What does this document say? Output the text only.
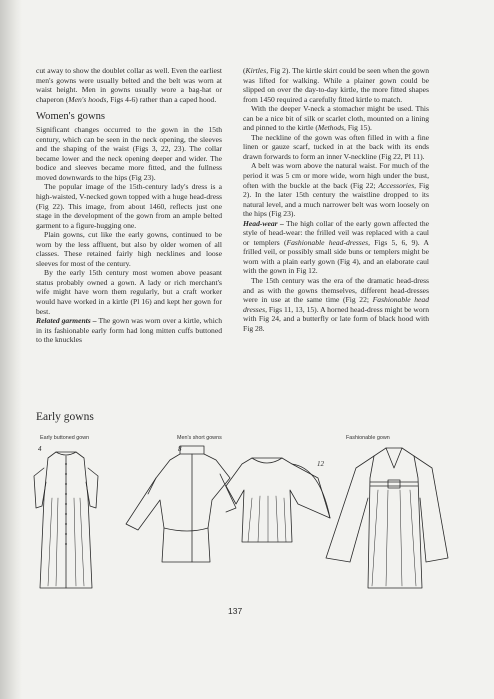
cut away to show the doublet collar as well. Even the earliest men's gowns were usually belted and the belt was worn at waist height. Men in gowns usually wore a bag-hat or chaperon (Men's hoods, Figs 4-6) rather than a caped hood.

Women's gowns

Significant changes occurred to the gown in the 15th century, which can be seen in the neck opening, the sleeves and the shaping of the waist (Figs 3, 22, 23). The collar became lower and the neck opening deeper and wider. The bodice and sleeves became more fitted, and the fullness moved downwards to the hips (Fig 23).

The popular image of the 15th-century lady's dress is a high-waisted, V-necked gown topped with a huge head-dress (Fig 22). This image, from about 1460, reflects just one stage in the development of the gown from an ample belted garment to a figure-hugging one.

Plain gowns, cut like the early gowns, continued to be worn by the less affluent, but also by older women of all classes. These retained fairly high necklines and loose sleeves for most of the century.

By the early 15th century most women above peasant status probably owned a gown. A lady or rich merchant's wife might have worn them regularly, but a craft worker would have worked in a kirtle (Pl 16) and kept her gown for best.

Related garments – The gown was worn over a kirtle, which in its fashionable early form had long mitten cuffs buttoned to the knuckles

(Kirtles, Fig 2). The kirtle skirt could be seen when the gown was lifted for walking. While a plainer gown could be slipped on over the day-to-day kirtle, the more fitted shapes from 1450 required a carefully fitted kirtle to match.

With the deeper V-neck a stomacher might be used. This can be a nice bit of silk or scarlet cloth, mounted on a lining and pinned to the kirtle (Methods, Fig 15).

The neckline of the gown was often filled in with a fine linen or gauze scarf, tucked in at the back with its ends drawn forwards to form an inner V-neckline (Fig 22, Pl 11).

A belt was worn above the natural waist. For much of the period it was 5 cm or more wide, worn high under the bust, often with the buckle at the back (Fig 22; Accessories, Fig 2). In the later 15th century the waistline dropped to its natural level, and a much narrower belt was worn loosely on the hips (Fig 23).

Head-wear – The high collar of the early gown affected the style of head-wear: the frilled veil was replaced with a caul or templers (Fashionable head-dresses, Figs 5, 6, 9). A frilled veil, or possibly small side buns or templers might be worn with a plain early gown (Fig 4), and an elaborate caul with the gown in Fig 12.

The 15th century was the era of the dramatic head-dress and as with the gowns themselves, different head-dresses were in use at the same time (Fig 22; Fashionable head dresses, Figs 11, 13, 15). A horned head-dress might be worn with Fig 24, and a butterfly or late form of black hood with Fig 28.

Early gowns
Early buttoned gown	Men's short gowns	Fashionable gown
4	8
12
137
